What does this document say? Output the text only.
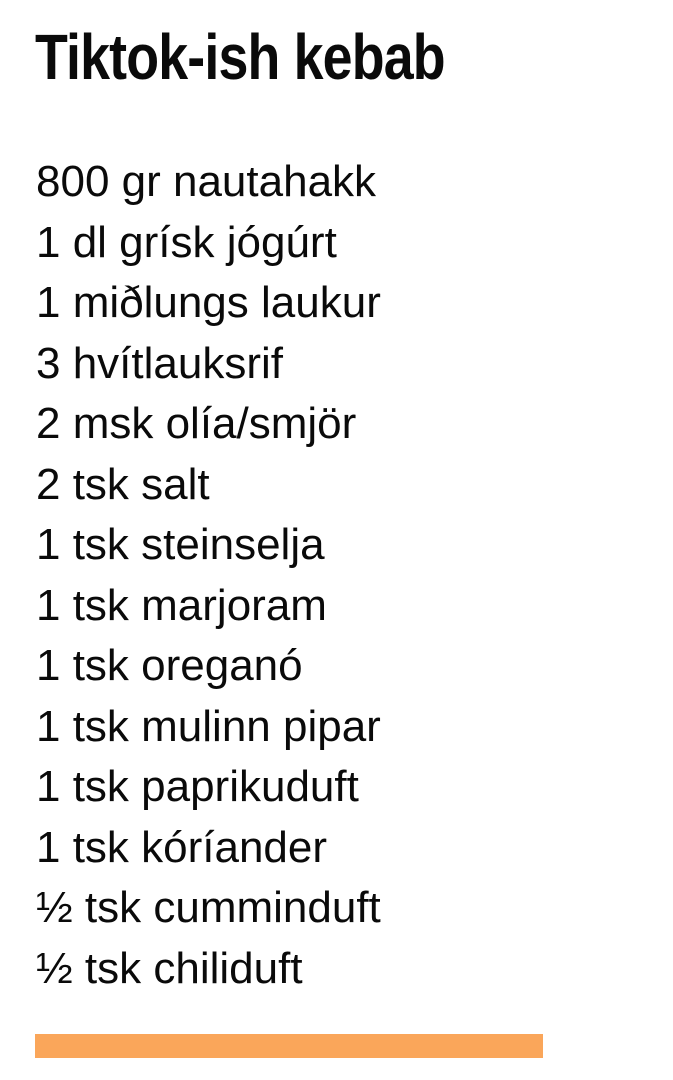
Tiktok-ish kebab
800 gr nautahakk
1 dl grísk jógúrt
1 miðlungs laukur
3 hvítlauksrif
2 msk olía/smjör
2 tsk salt
1 tsk steinselja
1 tsk marjoram
1 tsk oreganó
1 tsk mulinn pipar
1 tsk paprikuduft
1 tsk kóríander
½ tsk cumminduft
½ tsk chiliduft
